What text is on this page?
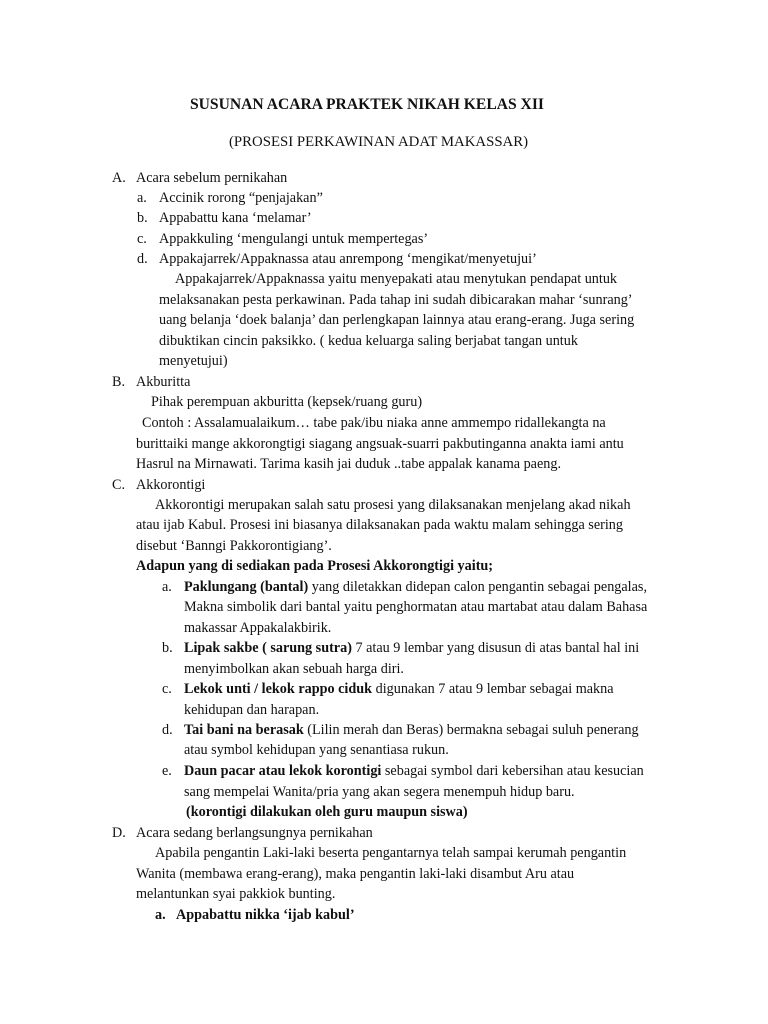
SUSUNAN ACARA PRAKTEK NIKAH KELAS XII
(PROSESI PERKAWINAN ADAT MAKASSAR)
A. Acara sebelum pernikahan
a. Accinik rorong “penjajakan”
b. Appabattu kana ‘melamar’
c. Appakkuling ‘mengulangi untuk mempertegas’
d. Appakajarrek/Appaknassa atau anrempong ‘mengikat/menyetujui’
Appakajarrek/Appaknassa yaitu menyepakati atau menytukan pendapat untuk
melaksanakan pesta perkawinan. Pada tahap ini sudah dibicarakan mahar ‘sunrang’
uang belanja ‘doek balanja’ dan perlengkapan lainnya atau erang-erang. Juga sering
dibuktikan cincin paksikko. ( kedua keluarga saling berjabat tangan untuk
menyetujui)
B. Akburitta
Pihak perempuan akburitta (kepsek/ruang guru)
Contoh : Assalamualaikum… tabe pak/ibu niaka anne ammempo ridallekangta na
burittaiki mange akkorongtigi siagang angsuak-suarri pakbutinganna anakta iami antu
Hasrul na Mirnawati. Tarima kasih jai duduk ..tabe appalak kanama paeng.
C. Akkorontigi
Akkorontigi merupakan salah satu prosesi yang dilaksanakan menjelang akad nikah
atau ijab Kabul. Prosesi ini biasanya dilaksanakan pada waktu malam sehingga sering
disebut ‘Banngi Pakkorontigiang’.
Adapun yang di sediakan pada Prosesi Akkorongtigi yaitu;
a. Paklungang (bantal) yang diletakkan didepan calon pengantin sebagai pengalas,
Makna simbolik dari bantal yaitu penghormatan atau martabat atau dalam Bahasa
makassar Appakalakbirik.
b. Lipak sakbe ( sarung sutra) 7 atau 9 lembar yang disusun di atas bantal hal ini
menyimbolkan akan sebuah harga diri.
c. Lekok unti / lekok rappo ciduk digunakan 7 atau 9 lembar sebagai makna
kehidupan dan harapan.
d. Tai bani na berasak (Lilin merah dan Beras) bermakna sebagai suluh penerang
atau symbol kehidupan yang senantiasa rukun.
e. Daun pacar atau lekok korontigi sebagai symbol dari kebersihan atau kesucian
sang mempelai Wanita/pria yang akan segera menempuh hidup baru.
(korontigi dilakukan oleh guru maupun siswa)
D. Acara sedang berlangsungnya pernikahan
Apabila pengantin Laki-laki beserta pengantarnya telah sampai kerumah pengantin
Wanita (membawa erang-erang), maka pengantin laki-laki disambut Aru atau
melantunkan syai pakkiok bunting.
a. Appabattu nikka ‘ijab kabul’
